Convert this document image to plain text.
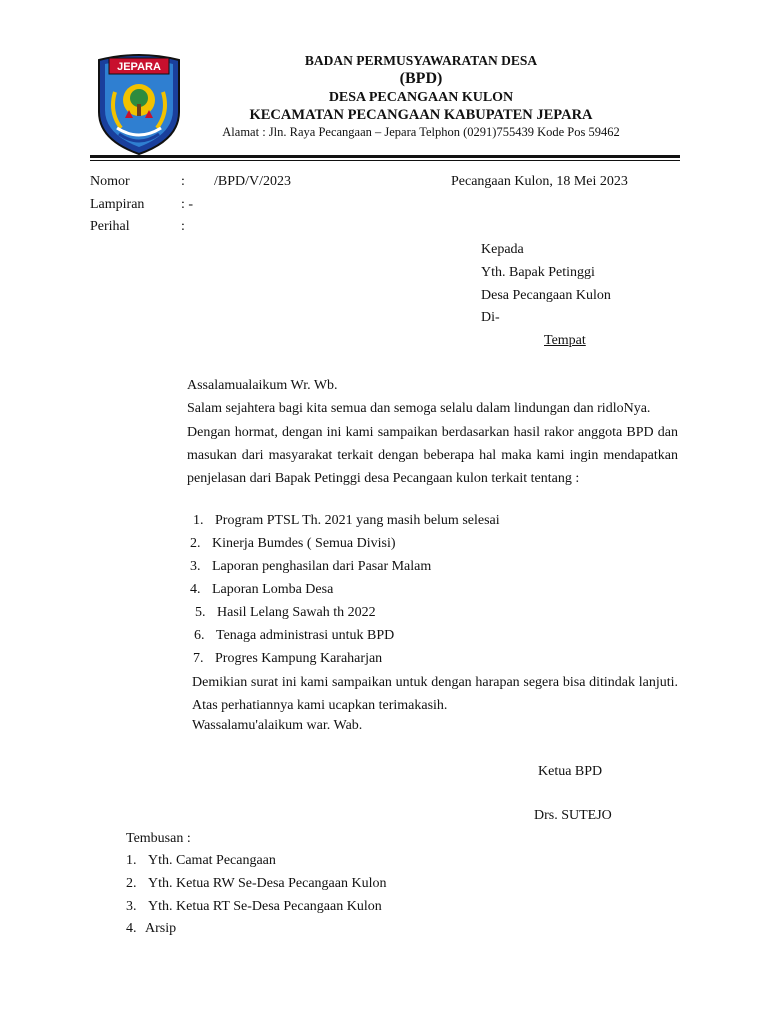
JEPARA	BADAN PERMUSYAWARATAN DESA
(BPD)
DESA PECANGAAN KULON
KECAMATAN PECANGAAN KABUPATEN JEPARA
Alamat : Jln. Raya Pecangaan – Jepara Telphon (0291)755439 Kode Pos 59462
Nomor	: /BPD/V/2023	Pecangaan Kulon, 18 Mei 2023
Lampiran	: -
Perihal	:
Kepada
Yth. Bapak Petinggi
Desa Pecangaan Kulon
Di-
Tempat
Assalamualaikum Wr. Wb.
Salam sejahtera bagi kita semua dan semoga selalu dalam lindungan dan ridloNya.
Dengan hormat, dengan ini kami sampaikan berdasarkan hasil rakor anggota BPD dan masukan dari masyarakat terkait dengan beberapa hal maka kami ingin mendapatkan penjelasan dari Bapak Petinggi desa Pecangaan kulon terkait tentang :
1. Program PTSL Th. 2021 yang masih belum selesai
2. Kinerja Bumdes ( Semua Divisi)
3. Laporan penghasilan dari Pasar Malam
4. Laporan Lomba Desa
5. Hasil Lelang Sawah th 2022
6. Tenaga administrasi untuk BPD
7. Progres Kampung Karaharjan
Demikian surat ini kami sampaikan untuk dengan harapan segera bisa ditindak lanjuti. Atas perhatiannya kami ucapkan terimakasih.
Wassalamu'alaikum war. Wab.
Ketua BPD
Drs. SUTEJO
Tembusan :
1. Yth. Camat Pecangaan
2. Yth. Ketua RW Se-Desa Pecangaan Kulon
3. Yth. Ketua RT Se-Desa Pecangaan Kulon
4. Arsip
